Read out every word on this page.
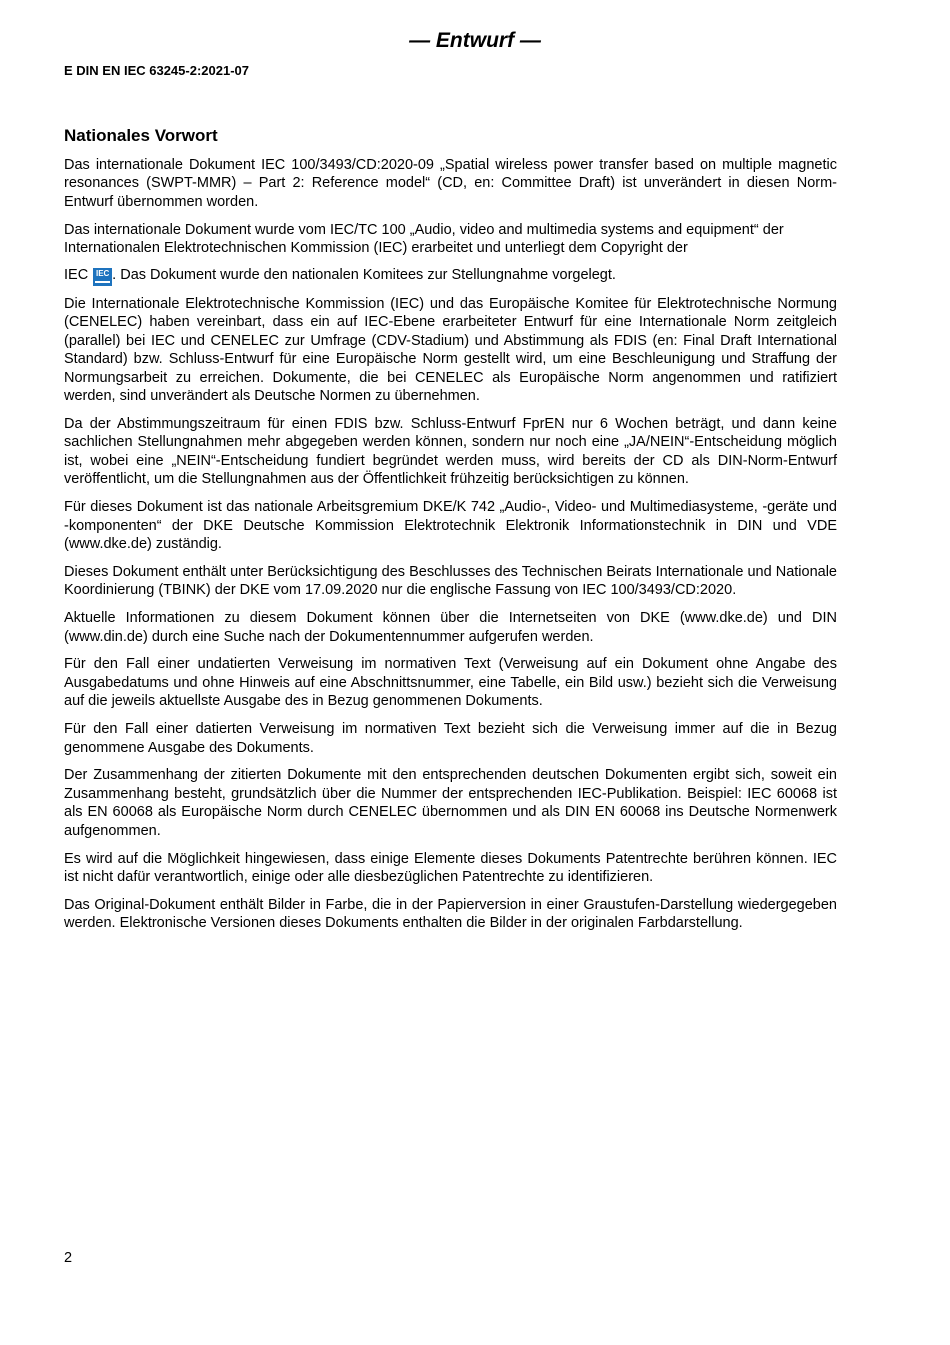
— Entwurf —
E DIN EN IEC 63245-2:2021-07
Nationales Vorwort

Das internationale Dokument IEC 100/3493/CD:2020-09 „Spatial wireless power transfer based on multiple magnetic resonances (SWPT-MMR) – Part 2: Reference model“ (CD, en: Committee Draft) ist unverändert in diesen Norm-Entwurf übernommen worden.

Das internationale Dokument wurde vom IEC/TC 100 „Audio, video and multimedia systems and equipment“ der Internationalen Elektrotechnischen Kommission (IEC) erarbeitet und unterliegt dem Copyright der

IEC IEC . Das Dokument wurde den nationalen Komitees zur Stellungnahme vorgelegt.

Die Internationale Elektrotechnische Kommission (IEC) und das Europäische Komitee für Elektrotechnische Normung (CENELEC) haben vereinbart, dass ein auf IEC-Ebene erarbeiteter Entwurf für eine Internationale Norm zeitgleich (parallel) bei IEC und CENELEC zur Umfrage (CDV-Stadium) und Abstimmung als FDIS (en: Final Draft International Standard) bzw. Schluss-Entwurf für eine Europäische Norm gestellt wird, um eine Beschleunigung und Straffung der Normungsarbeit zu erreichen. Dokumente, die bei CENELEC als Europäische Norm angenommen und ratifiziert werden, sind unverändert als Deutsche Normen zu übernehmen.

Da der Abstimmungszeitraum für einen FDIS bzw. Schluss-Entwurf FprEN nur 6 Wochen beträgt, und dann keine sachlichen Stellungnahmen mehr abgegeben werden können, sondern nur noch eine „JA/NEIN“-Entscheidung möglich ist, wobei eine „NEIN“-Entscheidung fundiert begründet werden muss, wird bereits der CD als DIN-Norm-Entwurf veröffentlicht, um die Stellungnahmen aus der Öffentlichkeit frühzeitig berücksichtigen zu können.

Für dieses Dokument ist das nationale Arbeitsgremium DKE/K 742 „Audio-, Video- und Multimediasysteme, -geräte und -komponenten“ der DKE Deutsche Kommission Elektrotechnik Elektronik Informationstechnik in DIN und VDE (www.dke.de) zuständig.

Dieses Dokument enthält unter Berücksichtigung des Beschlusses des Technischen Beirats Internationale und Nationale Koordinierung (TBINK) der DKE vom 17.09.2020 nur die englische Fassung von IEC 100/3493/CD:2020.

Aktuelle Informationen zu diesem Dokument können über die Internetseiten von DKE (www.dke.de) und DIN (www.din.de) durch eine Suche nach der Dokumentennummer aufgerufen werden.

Für den Fall einer undatierten Verweisung im normativen Text (Verweisung auf ein Dokument ohne Angabe des Ausgabedatums und ohne Hinweis auf eine Abschnittsnummer, eine Tabelle, ein Bild usw.) bezieht sich die Verweisung auf die jeweils aktuellste Ausgabe des in Bezug genommenen Dokuments.

Für den Fall einer datierten Verweisung im normativen Text bezieht sich die Verweisung immer auf die in Bezug genommene Ausgabe des Dokuments.

Der Zusammenhang der zitierten Dokumente mit den entsprechenden deutschen Dokumenten ergibt sich, soweit ein Zusammenhang besteht, grundsätzlich über die Nummer der entsprechenden IEC-Publikation. Beispiel: IEC 60068 ist als EN 60068 als Europäische Norm durch CENELEC übernommen und als DIN EN 60068 ins Deutsche Normenwerk aufgenommen.

Es wird auf die Möglichkeit hingewiesen, dass einige Elemente dieses Dokuments Patentrechte berühren können. IEC ist nicht dafür verantwortlich, einige oder alle diesbezüglichen Patentrechte zu identifizieren.

Das Original-Dokument enthält Bilder in Farbe, die in der Papierversion in einer Graustufen-Darstellung wiedergegeben werden. Elektronische Versionen dieses Dokuments enthalten die Bilder in der originalen Farbdarstellung.

2
